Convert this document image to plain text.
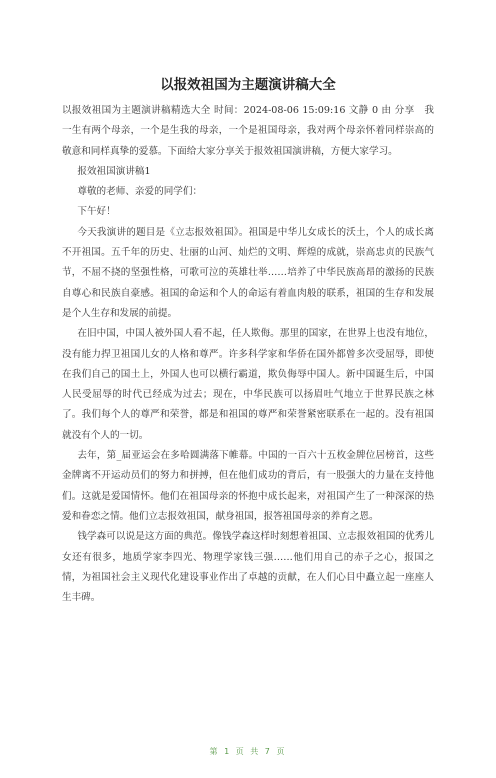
以报效祖国为主题演讲稿大全

以报效祖国为主题演讲稿精选大全 时间：2024-08-06 15:09:16 文静 0 由 分享　我一生有两个母亲，一个是生我的母亲，一个是祖国母亲，我对两个母亲怀着同样崇高的敬意和同样真挚的爱慕。下面给大家分享关于报效祖国演讲稿，方便大家学习。

报效祖国演讲稿1

尊敬的老师、亲爱的同学们：

下午好！

今天我演讲的题目是《立志报效祖国》。祖国是中华儿女成长的沃土，个人的成长离不开祖国。五千年的历史、壮丽的山河、灿烂的文明、辉煌的成就，崇高忠贞的民族气节，不屈不挠的坚强性格，可歌可泣的英雄壮举……培养了中华民族高昂的激扬的民族自尊心和民族自豪感。祖国的命运和个人的命运有着血肉般的联系，祖国的生存和发展是个人生存和发展的前提。

在旧中国，中国人被外国人看不起，任人欺侮。那里的国家，在世界上也没有地位，没有能力捍卫祖国儿女的人格和尊严。许多科学家和华侨在国外都曾多次受屈辱，即使在我们自己的国土上，外国人也可以横行霸道，欺负侮辱中国人。新中国诞生后，中国人民受屈辱的时代已经成为过去；现在，中华民族可以扬眉吐气地立于世界民族之林了。我们每个人的尊严和荣誉，都是和祖国的尊严和荣誉紧密联系在一起的。没有祖国就没有个人的一切。

去年，第_届亚运会在多哈圆满落下帷幕。中国的一百六十五枚金牌位居榜首，这些金牌离不开运动员们的努力和拼搏，但在他们成功的背后，有一股强大的力量在支持他们。这就是爱国情怀。他们在祖国母亲的怀抱中成长起来，对祖国产生了一种深深的热爱和眷恋之情。他们立志报效祖国，献身祖国，报答祖国母亲的养育之恩。

钱学森可以说是这方面的典范。像钱学森这样时刻想着祖国、立志报效祖国的优秀儿女还有很多，地质学家李四光、物理学家钱三强……他们用自己的赤子之心，报国之情，为祖国社会主义现代化建设事业作出了卓越的贡献，在人们心目中矗立起一座座人生丰碑。

第 1 页 共 7 页
